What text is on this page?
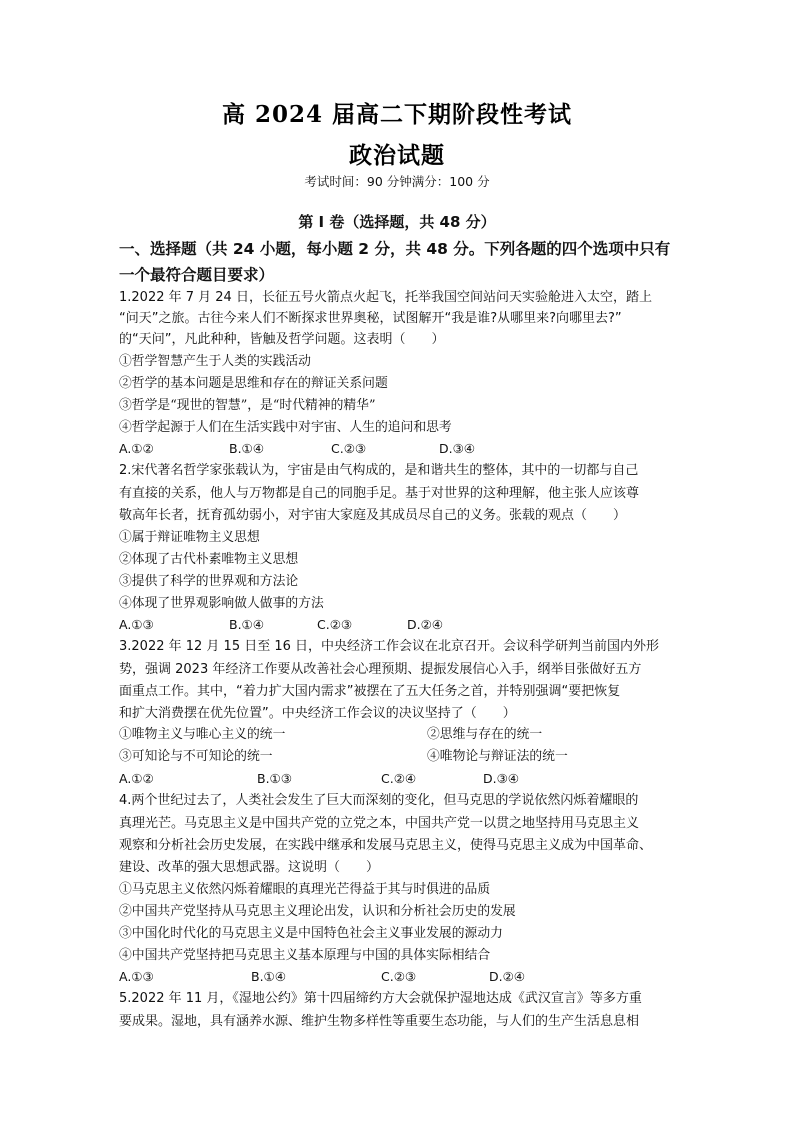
高 2024 届高二下期阶段性考试
政治试题
考试时间：90 分钟满分：100 分
第 Ⅰ 卷（选择题，共 48 分）
一、选择题（共 24 小题，每小题 2 分，共 48 分。下列各题的四个选项中只有
一个最符合题目要求）
1.2022 年 7 月 24 日，长征五号火箭点火起飞，托举我国空间站问天实验舱进入太空，踏上
“问天”之旅。古往今来人们不断探求世界奥秘，试图解开“我是谁?从哪里来?向哪里去?”
的“天问”，凡此种种，皆触及哲学问题。这表明（　　）
①哲学智慧产生于人类的实践活动
②哲学的基本问题是思维和存在的辩证关系问题
③哲学是“现世的智慧”，是“时代精神的精华”
④哲学起源于人们在生活实践中对宇宙、人生的追问和思考
A.①②	B.①④	C.②③	D.③④
2.宋代著名哲学家张载认为，宇宙是由气构成的，是和谐共生的整体，其中的一切都与自己
有直接的关系，他人与万物都是自己的同胞手足。基于对世界的这种理解，他主张人应该尊
敬高年长者，抚育孤幼弱小，对宇宙大家庭及其成员尽自己的义务。张载的观点（　　）
①属于辩证唯物主义思想
②体现了古代朴素唯物主义思想
③提供了科学的世界观和方法论
④体现了世界观影响做人做事的方法
A.①③	B.①④	C.②③	D.②④
3.2022 年 12 月 15 日至 16 日，中央经济工作会议在北京召开。会议科学研判当前国内外形
势，强调 2023 年经济工作要从改善社会心理预期、提振发展信心入手，纲举目张做好五方
面重点工作。其中，“着力扩大国内需求”被摆在了五大任务之首，并特别强调“要把恢复
和扩大消费摆在优先位置”。中央经济工作会议的决议坚持了（　　）
①唯物主义与唯心主义的统一	②思维与存在的统一
③可知论与不可知论的统一	④唯物论与辩证法的统一
A.①②	B.①③	C.②④	D.③④
4.两个世纪过去了，人类社会发生了巨大而深刻的变化，但马克思的学说依然闪烁着耀眼的
真理光芒。马克思主义是中国共产党的立党之本，中国共产党一以贯之地坚持用马克思主义
观察和分析社会历史发展，在实践中继承和发展马克思主义，使得马克思主义成为中国革命、
建设、改革的强大思想武器。这说明（　　）
①马克思主义依然闪烁着耀眼的真理光芒得益于其与时俱进的品质
②中国共产党坚持从马克思主义理论出发，认识和分析社会历史的发展
③中国化时代化的马克思主义是中国特色社会主义事业发展的源动力
④中国共产党坚持把马克思主义基本原理与中国的具体实际相结合
A.①③	B.①④	C.②③	D.②④
5.2022 年 11 月，《湿地公约》第十四届缔约方大会就保护湿地达成《武汉宣言》等多方重
要成果。湿地，具有涵养水源、维护生物多样性等重要生态功能，与人们的生产生活息息相
